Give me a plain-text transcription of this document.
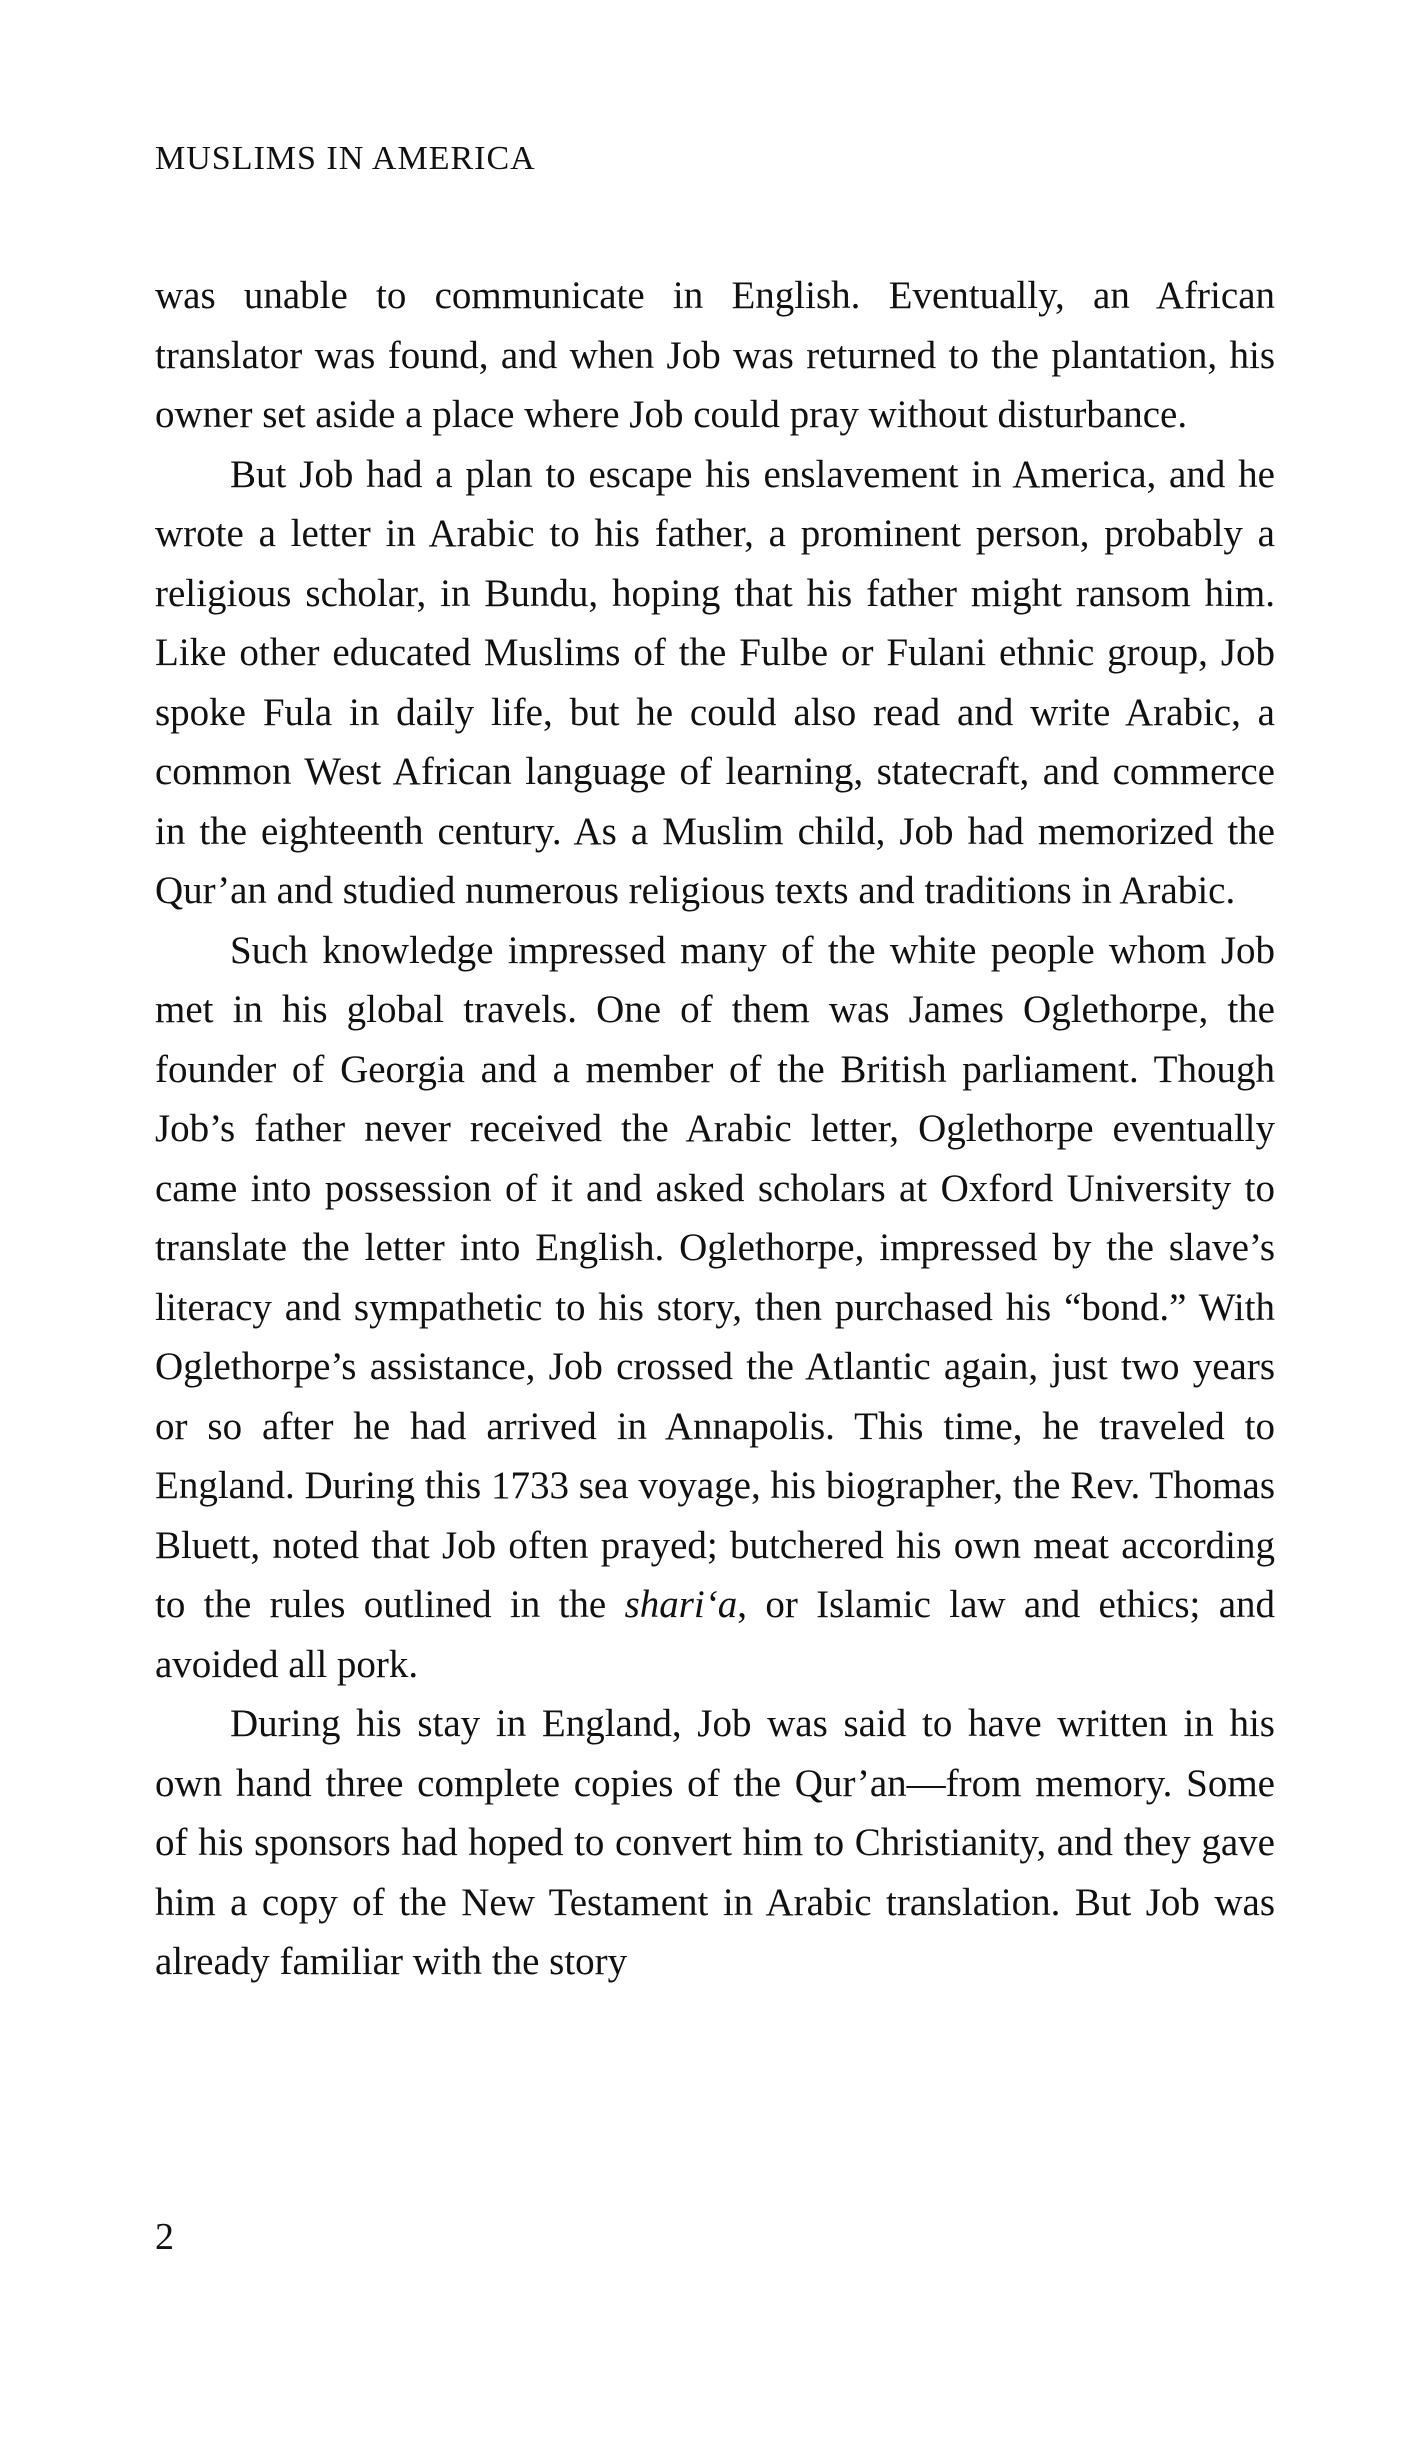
MUSLIMS IN AMERICA

was unable to communicate in English. Eventually, an African translator was found, and when Job was returned to the plantation, his owner set aside a place where Job could pray without disturbance.

But Job had a plan to escape his enslavement in America, and he wrote a letter in Arabic to his father, a prominent person, probably a religious scholar, in Bundu, hoping that his father might ransom him. Like other educated Muslims of the Fulbe or Fulani ethnic group, Job spoke Fula in daily life, but he could also read and write Arabic, a common West African language of learning, statecraft, and commerce in the eighteenth century. As a Muslim child, Job had memorized the Qur’an and studied numerous religious texts and traditions in Arabic.

Such knowledge impressed many of the white people whom Job met in his global travels. One of them was James Oglethorpe, the founder of Georgia and a member of the British parliament. Though Job’s father never received the Arabic letter, Oglethorpe eventually came into possession of it and asked scholars at Oxford University to translate the letter into English. Oglethorpe, impressed by the slave’s literacy and sympathetic to his story, then purchased his “bond.” With Oglethorpe’s assistance, Job crossed the Atlantic again, just two years or so after he had arrived in Annapolis. This time, he traveled to England. During this 1733 sea voyage, his biographer, the Rev. Thomas Bluett, noted that Job often prayed; butchered his own meat according to the rules outlined in the shari‘a, or Islamic law and ethics; and avoided all pork.

During his stay in England, Job was said to have written in his own hand three complete copies of the Qur’an—from memory. Some of his sponsors had hoped to convert him to Christianity, and they gave him a copy of the New Testament in Arabic translation. But Job was already familiar with the story

2
